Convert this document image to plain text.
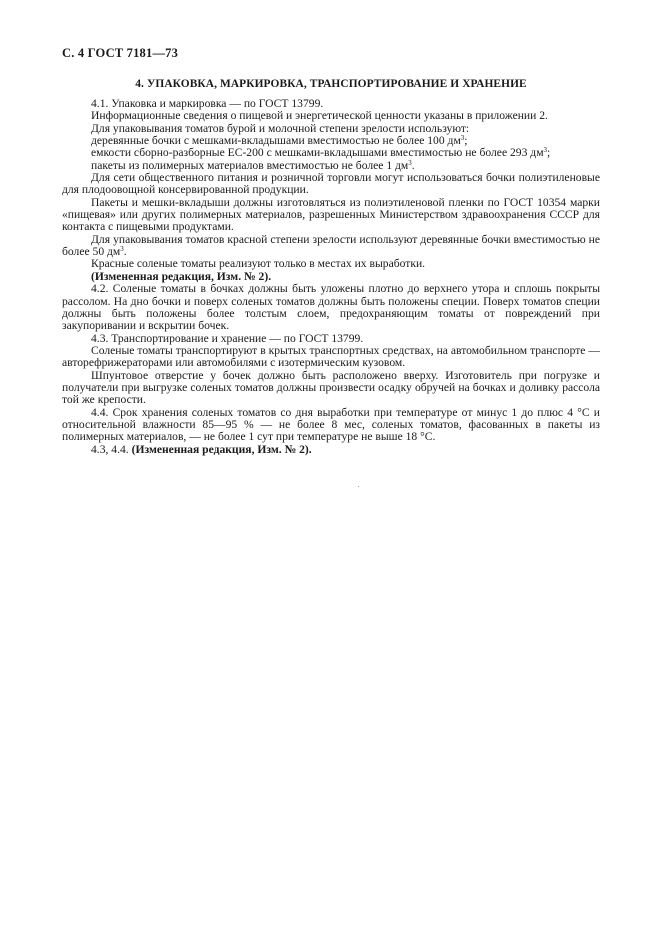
С. 4 ГОСТ 7181—73
4. УПАКОВКА, МАРКИРОВКА, ТРАНСПОРТИРОВАНИЕ И ХРАНЕНИЕ

4.1. Упаковка и маркировка — по ГОСТ 13799.

Информационные сведения о пищевой и энергетической ценности указаны в приложении 2.

Для упаковывания томатов бурой и молочной степени зрелости используют:

деревянные бочки с мешками-вкладышами вместимостью не более 100 $дм^3$;

емкости сборно-разборные ЕС-200 с мешками-вкладышами вместимостью не более 293 $дм^3$;

пакеты из полимерных материалов вместимостью не более 1 $дм^3$.

Для сети общественного питания и розничной торговли могут использоваться бочки полиэтиленовые для плодоовощной консервированной продукции.

Пакеты и мешки-вкладыши должны изготовляться из полиэтиленовой пленки по ГОСТ 10354 марки «пищевая» или других полимерных материалов, разрешенных Министерством здравоохранения СССР для контакта с пищевыми продуктами.

Для упаковывания томатов красной степени зрелости используют деревянные бочки вместимостью не более 50 $дм^3$.

Красные соленые томаты реализуют только в местах их выработки.

(Измененная редакция, Изм. № 2).

4.2. Соленые томаты в бочках должны быть уложены плотно до верхнего утора и сплошь покрыты рассолом. На дно бочки и поверх соленых томатов должны быть положены специи. Поверх томатов специи должны быть положены более толстым слоем, предохраняющим томаты от повреждений при закупоривании и вскрытии бочек.

4.3. Транспортирование и хранение — по ГОСТ 13799.

Соленые томаты транспортируют в крытых транспортных средствах, на автомобильном транспорте — авторефрижераторами или автомобилями с изотермическим кузовом.

Шпунтовое отверстие у бочек должно быть расположено вверху. Изготовитель при погрузке и получатели при выгрузке соленых томатов должны произвести осадку обручей на бочках и доливку рассола той же крепости.

4.4. Срок хранения соленых томатов со дня выработки при температуре от минус 1 до плюс 4 °С и относительной влажности 85—95 % — не более 8 мес, соленых томатов, фасованных в пакеты из полимерных материалов, — не более 1 сут при температуре не выше 18 °С.

4.3, 4.4. (Измененная редакция, Изм. № 2).
